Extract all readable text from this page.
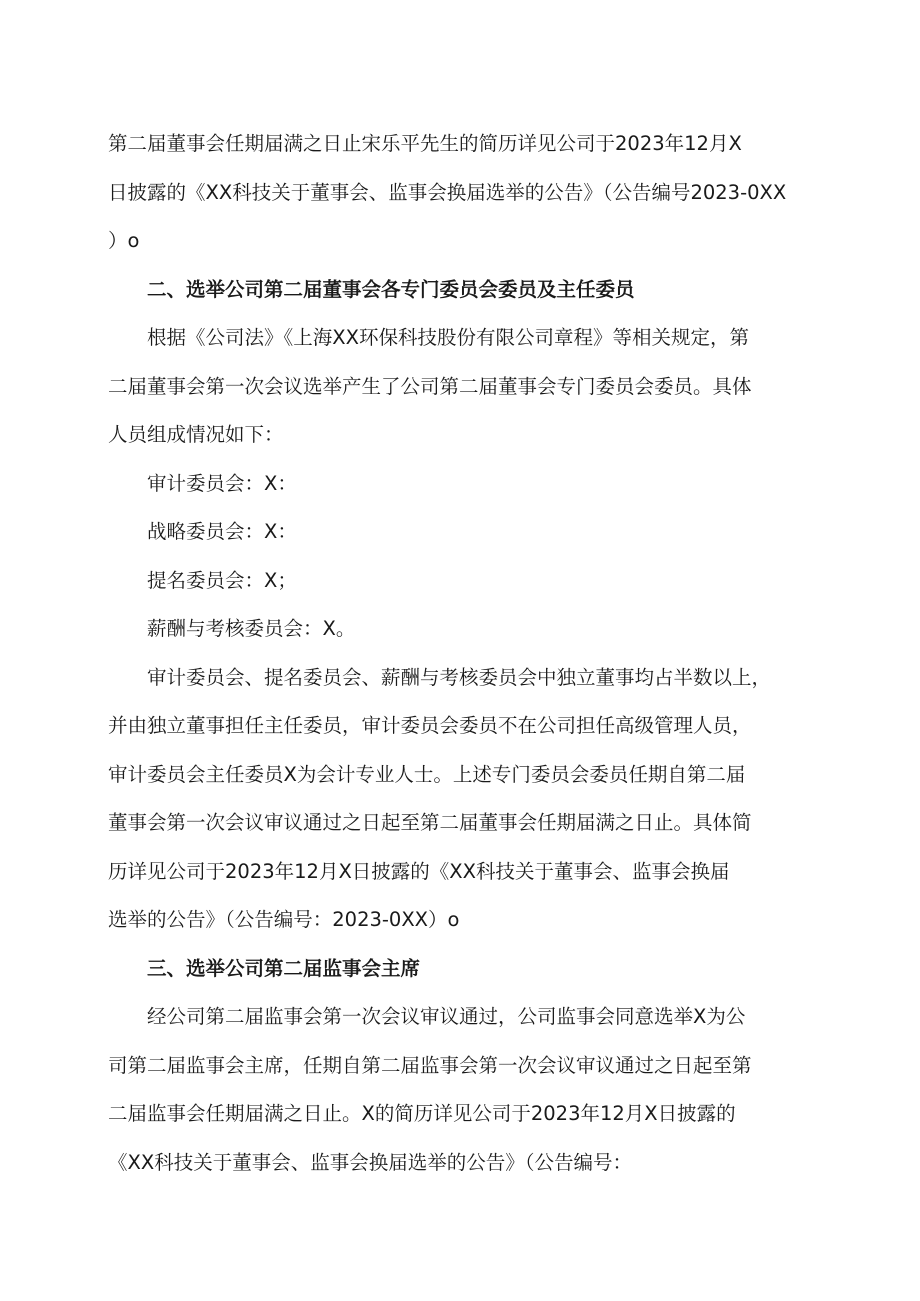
第二届董事会任期届满之日止宋乐平先生的简历详见公司于2023年12月X
日披露的《XX科技关于董事会、监事会换届选举的公告》（公告编号2023-0XX
）o

二、选举公司第二届董事会各专门委员会委员及主任委员

根据《公司法》《上海XX环保科技股份有限公司章程》等相关规定，第
二届董事会第一次会议选举产生了公司第二届董事会专门委员会委员。具体
人员组成情况如下：

审计委员会：X：

战略委员会：X：

提名委员会：X；

薪酬与考核委员会：X。

审计委员会、提名委员会、薪酬与考核委员会中独立董事均占半数以上，
并由独立董事担任主任委员，审计委员会委员不在公司担任高级管理人员，
审计委员会主任委员X为会计专业人士。上述专门委员会委员任期自第二届
董事会第一次会议审议通过之日起至第二届董事会任期届满之日止。具体简
历详见公司于2023年12月X日披露的《XX科技关于董事会、监事会换届
选举的公告》（公告编号：2023-0XX）o

三、选举公司第二届监事会主席

经公司第二届监事会第一次会议审议通过，公司监事会同意选举X为公
司第二届监事会主席，任期自第二届监事会第一次会议审议通过之日起至第
二届监事会任期届满之日止。X的简历详见公司于2023年12月X日披露的
《XX科技关于董事会、监事会换届选举的公告》（公告编号：
